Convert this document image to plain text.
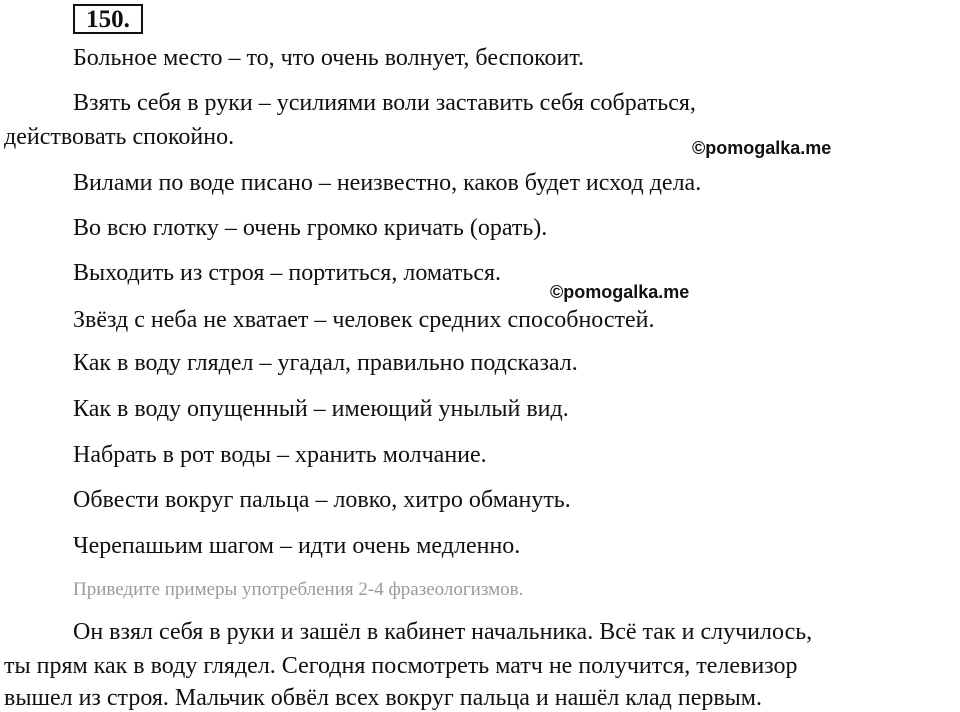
150.
Больное место – то, что очень волнует, беспокоит.
Взять себя в руки – усилиями воли заставить себя собраться,
действовать спокойно.	©pomogalka.me
Вилами по воде писано – неизвестно, каков будет исход дела.
Во всю глотку – очень громко кричать (орать).
Выходить из строя – портиться, ломаться.
©pomogalka.me
Звёзд с неба не хватает – человек средних способностей.
Как в воду глядел – угадал, правильно подсказал.
Как в воду опущенный – имеющий унылый вид.
Набрать в рот воды – хранить молчание.
Обвести вокруг пальца – ловко, хитро обмануть.
Черепашьим шагом – идти очень медленно.
Приведите примеры употребления 2-4 фразеологизмов.
Он взял себя в руки и зашёл в кабинет начальника. Всё так и случилось,
ты прям как в воду глядел. Сегодня посмотреть матч не получится, телевизор
вышел из строя. Мальчик обвёл всех вокруг пальца и нашёл клад первым.
